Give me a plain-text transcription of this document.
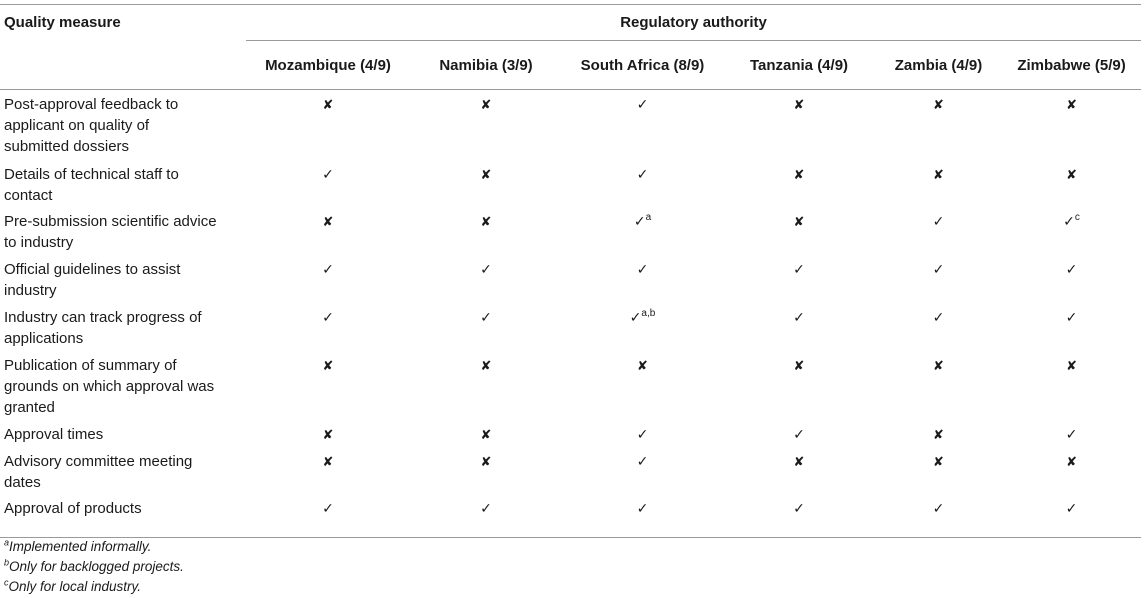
Quality measure	Regulatory authority					
	Mozambique (4/9)	Namibia (3/9)	South Africa (8/9)	Tanzania (4/9)	Zambia (4/9)	Zimbabwe (5/9)
Post-approval feedback to
applicant on quality of
submitted dossiers	✘	✘	✓	✘	✘	✘
Details of technical staff to
contact	✓	✘	✓	✘	✘	✘
Pre-submission scientific advice
to industry	✘	✘	✓$^a$	✘	✓	✓$^c$
Official guidelines to assist
industry	✓	✓	✓	✓	✓	✓
Industry can track progress of
applications	✓	✓	✓$^{a,b}$	✓	✓	✓
Publication of summary of
grounds on which approval was
granted	✘	✘	✘	✘	✘	✘
Approval times	✘	✘	✓	✓	✘	✓
Advisory committee meeting
dates	✘	✘	✓	✘	✘	✘
Approval of products	✓	✓	✓	✓	✓	✓
$^a$Implemented informally.
$^b$Only for backlogged projects.
$^c$Only for local industry.
